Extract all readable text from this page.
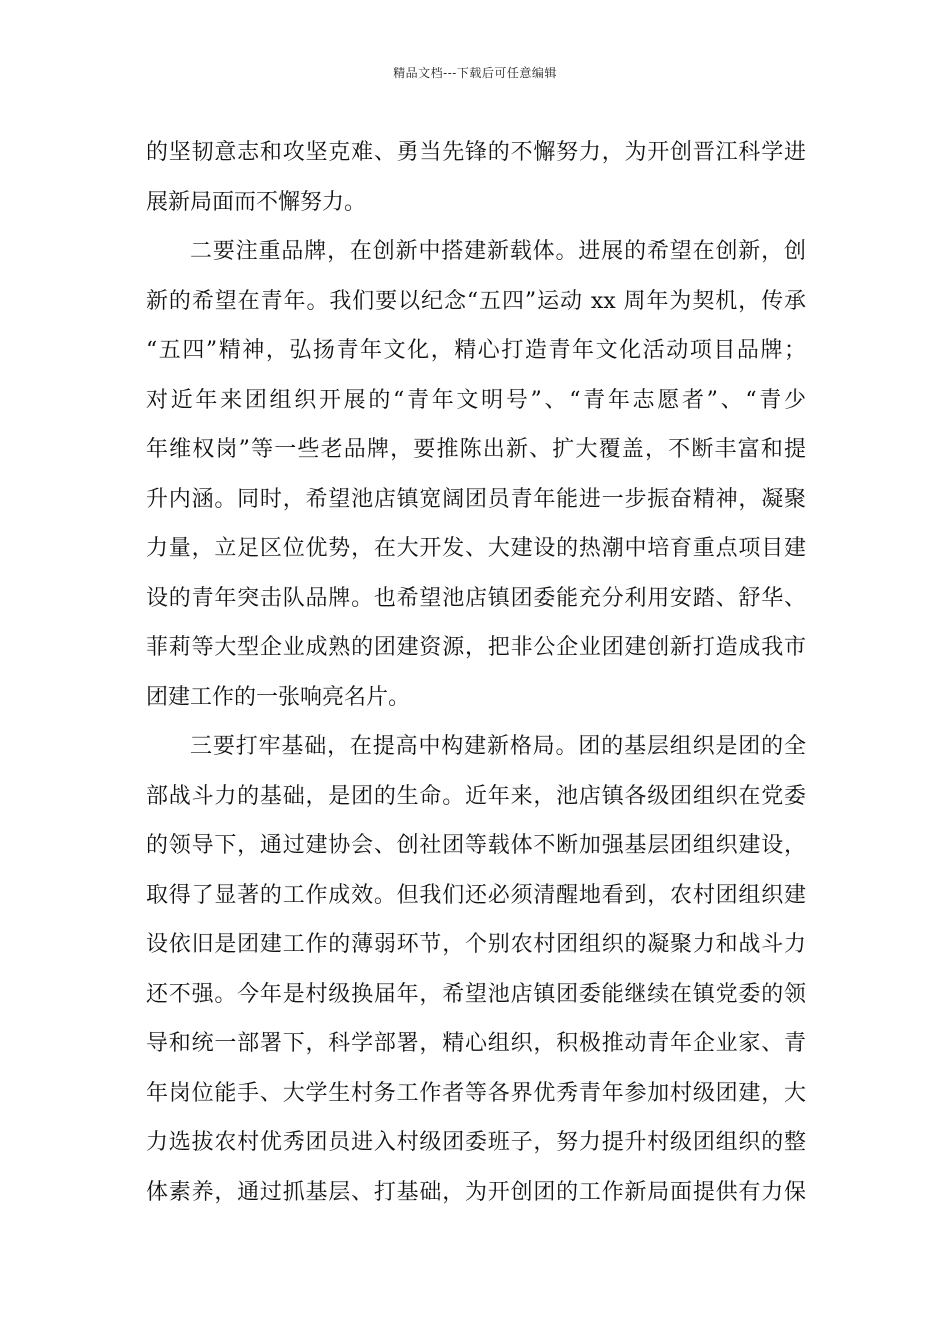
精品文档---下载后可任意编辑
的坚韧意志和攻坚克难、勇当先锋的不懈努力，为开创晋江科学进
展新局面而不懈努力。
二要注重品牌，在创新中搭建新载体。进展的希望在创新，创
新的希望在青年。我们要以纪念“五四”运动 xx 周年为契机，传承
“五四”精神，弘扬青年文化，精心打造青年文化活动项目品牌；
对近年来团组织开展的“青年文明号”、“青年志愿者”、“青少
年维权岗”等一些老品牌，要推陈出新、扩大覆盖，不断丰富和提
升内涵。同时，希望池店镇宽阔团员青年能进一步振奋精神，凝聚
力量，立足区位优势，在大开发、大建设的热潮中培育重点项目建
设的青年突击队品牌。也希望池店镇团委能充分利用安踏、舒华、
菲莉等大型企业成熟的团建资源，把非公企业团建创新打造成我市
团建工作的一张响亮名片。
三要打牢基础，在提高中构建新格局。团的基层组织是团的全
部战斗力的基础，是团的生命。近年来，池店镇各级团组织在党委
的领导下，通过建协会、创社团等载体不断加强基层团组织建设，
取得了显著的工作成效。但我们还必须清醒地看到，农村团组织建
设依旧是团建工作的薄弱环节，个别农村团组织的凝聚力和战斗力
还不强。今年是村级换届年，希望池店镇团委能继续在镇党委的领
导和统一部署下，科学部署，精心组织，积极推动青年企业家、青
年岗位能手、大学生村务工作者等各界优秀青年参加村级团建，大
力选拔农村优秀团员进入村级团委班子，努力提升村级团组织的整
体素养，通过抓基层、打基础，为开创团的工作新局面提供有力保
